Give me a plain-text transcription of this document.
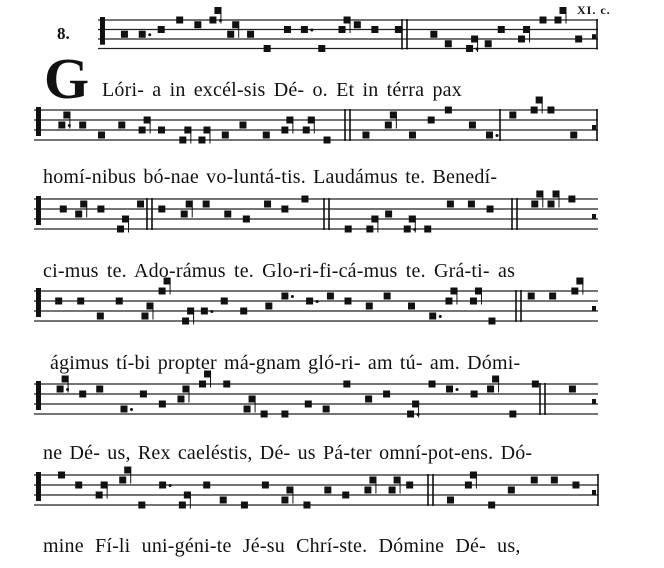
XI. c.
8.
G Lóri- a in excél-sis Dé- o. Et in térra pax
homí-nibus bó-nae vo-luntá-tis. Laudámus te. Benedí-
ci-mus te. Ado-rámus te. Glo-ri-fi-cá-mus te. Grá-ti- as
ágimus tí-bi propter má-gnam gló-ri- am tú- am. Dómi-
ne Dé- us, Rex caeléstis, Dé- us Pá-ter omní-pot-ens. Dó-
mine Fí-li uni-géni-te Jé-su Chrí-ste. Dómine Dé- us,
